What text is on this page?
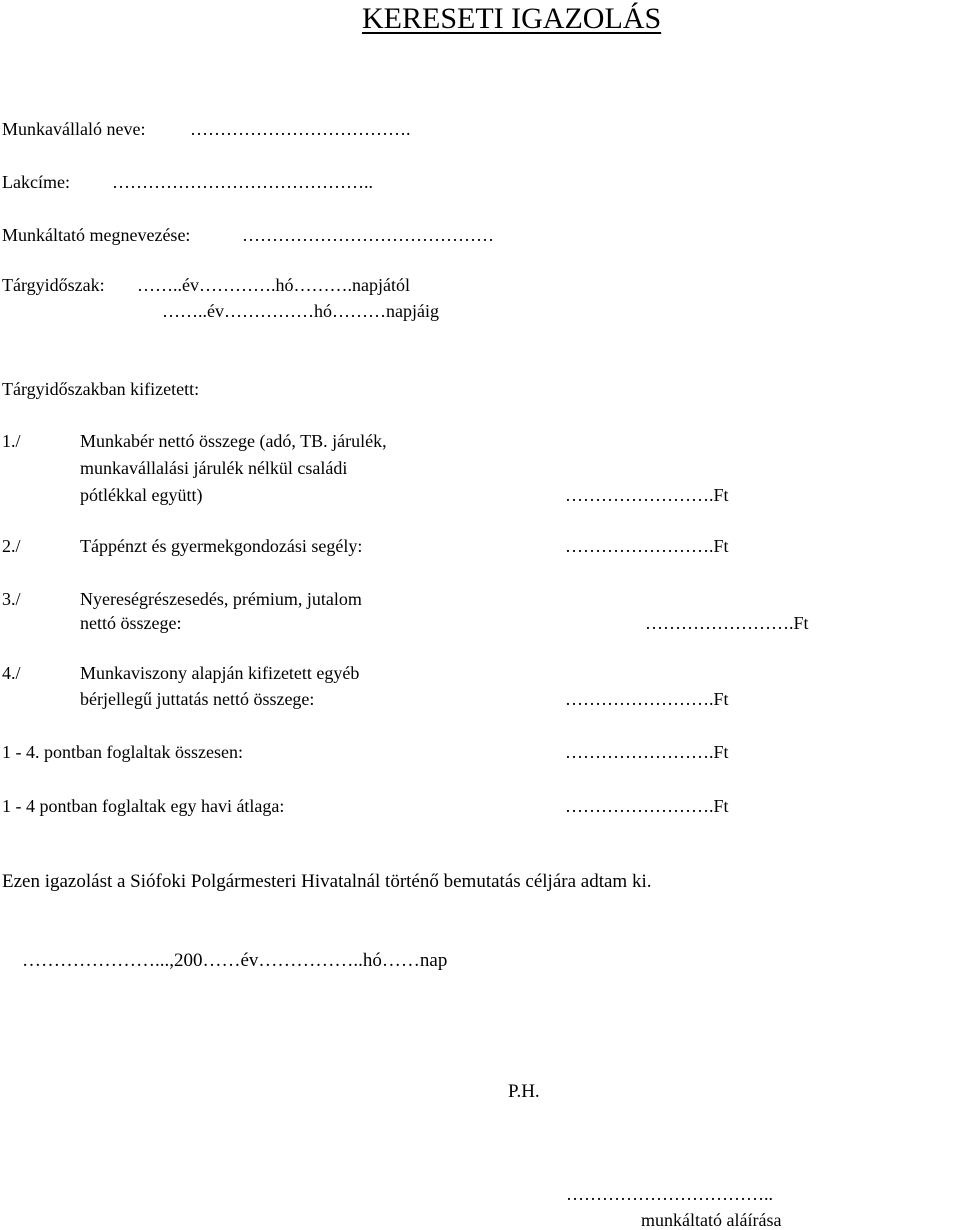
KERESETI IGAZOLÁS
Munkavállaló neve: ……………………………….
Lakcíme: ……………………………………..
Munkáltató megnevezése:	……………………………………
Tárgyidőszak: ……..év………….hó……….napjától
……..év……………hó………napjáig
Tárgyidőszakban kifizetett:
1./	Munkabér nettó összege (adó, TB. járulék,
munkavállalási járulék nélkül családi
pótlékkal együtt)	…………………….Ft
2./	Táppénzt és gyermekgondozási segély:	…………………….Ft
3./	Nyereségrészesedés, prémium, jutalom
nettó összege:	…………………….Ft
4./	Munkaviszony alapján kifizetett egyéb
bérjellegű juttatás nettó összege:	…………………….Ft
1 - 4. pontban foglaltak összesen:	…………………….Ft
1 - 4 pontban foglaltak egy havi átlaga:	…………………….Ft
Ezen igazolást a Siófoki Polgármesteri Hivatalnál történő bemutatás céljára adtam ki.
…………………...,200……év……………..hó……nap
P.H.
……………………………..
munkáltató aláírása
